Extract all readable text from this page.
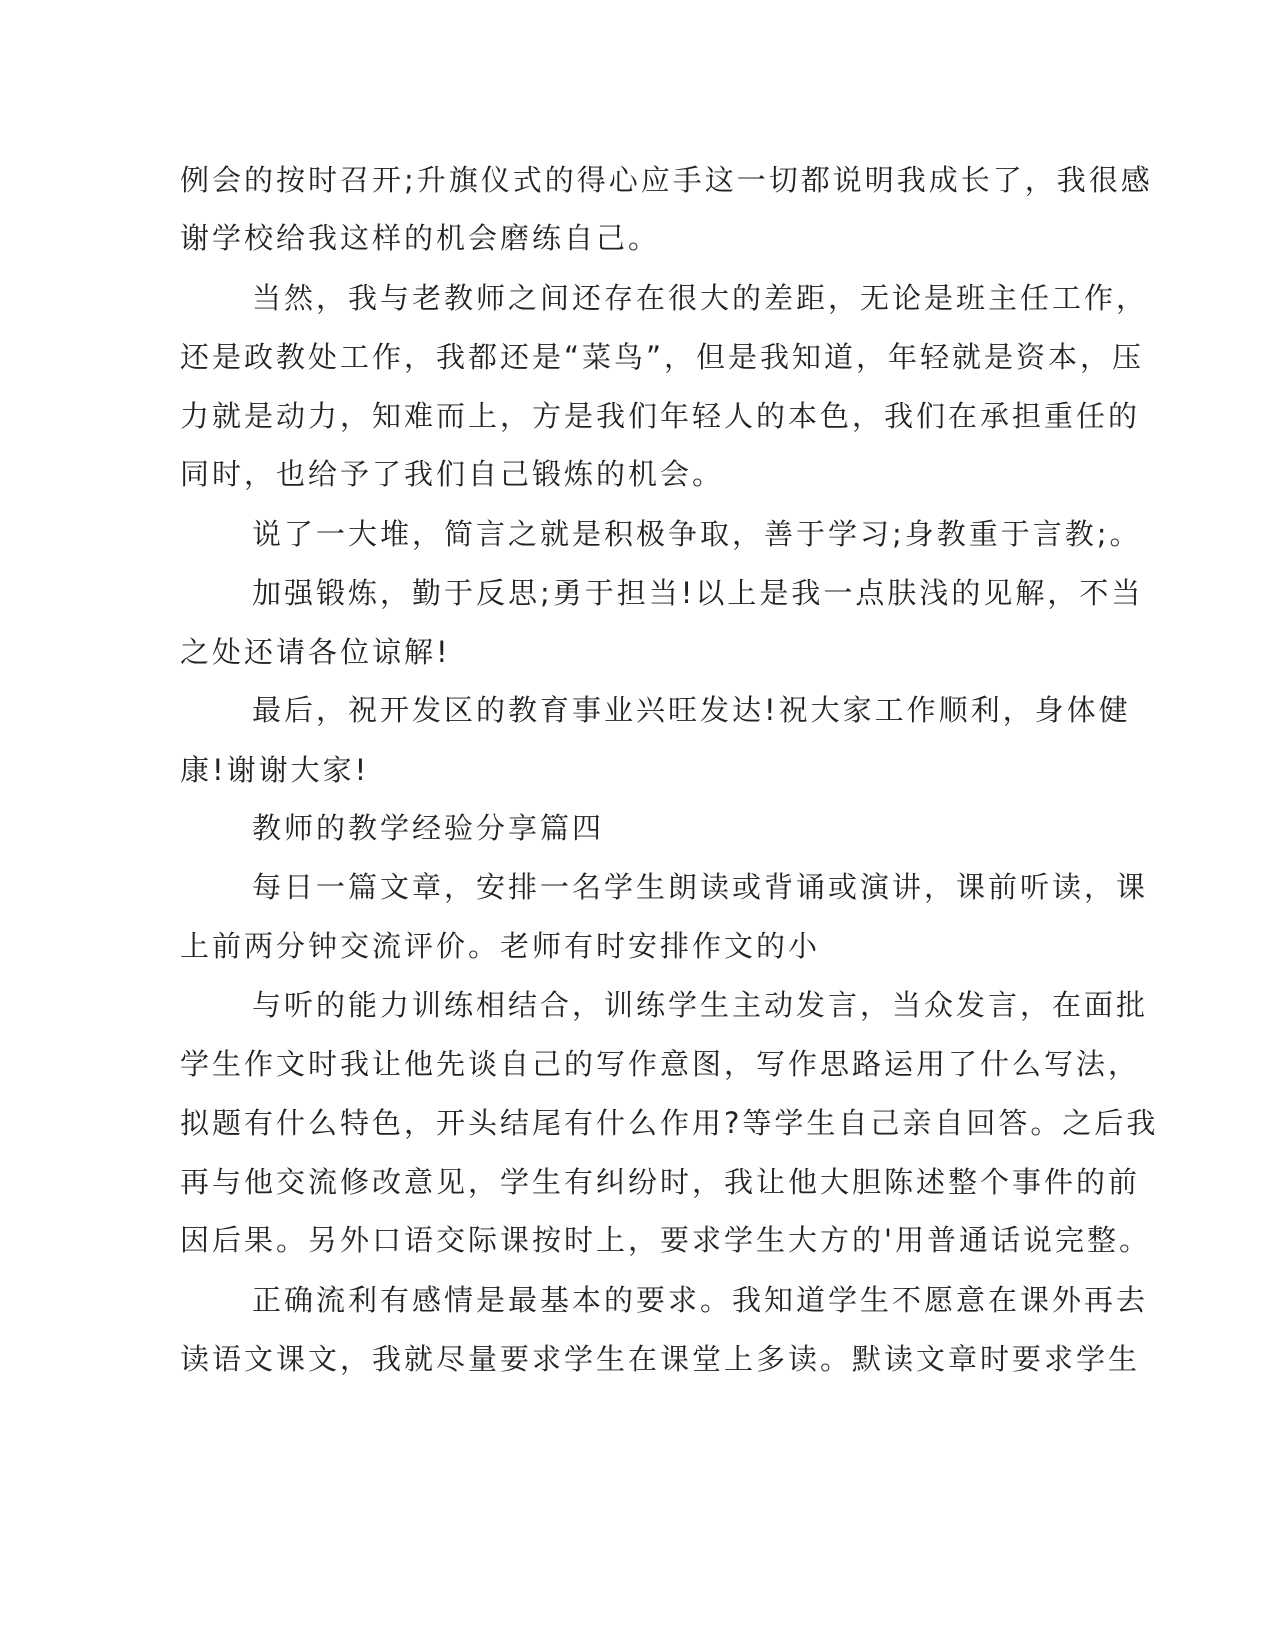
例会的按时召开;升旗仪式的得心应手这一切都说明我成长了，我很感
谢学校给我这样的机会磨练自己。
当然，我与老教师之间还存在很大的差距，无论是班主任工作，
还是政教处工作，我都还是“菜鸟”，但是我知道，年轻就是资本，压
力就是动力，知难而上，方是我们年轻人的本色，我们在承担重任的
同时，也给予了我们自己锻炼的机会。
说了一大堆，简言之就是积极争取，善于学习;身教重于言教;。
加强锻炼，勤于反思;勇于担当!以上是我一点肤浅的见解，不当
之处还请各位谅解!
最后，祝开发区的教育事业兴旺发达!祝大家工作顺利，身体健
康!谢谢大家!
教师的教学经验分享篇四
每日一篇文章，安排一名学生朗读或背诵或演讲，课前听读，课
上前两分钟交流评价。老师有时安排作文的小
与听的能力训练相结合，训练学生主动发言，当众发言，在面批
学生作文时我让他先谈自己的写作意图，写作思路运用了什么写法，
拟题有什么特色，开头结尾有什么作用?等学生自己亲自回答。之后我
再与他交流修改意见，学生有纠纷时，我让他大胆陈述整个事件的前
因后果。另外口语交际课按时上，要求学生大方的'用普通话说完整。
正确流利有感情是最基本的要求。我知道学生不愿意在课外再去
读语文课文，我就尽量要求学生在课堂上多读。默读文章时要求学生
